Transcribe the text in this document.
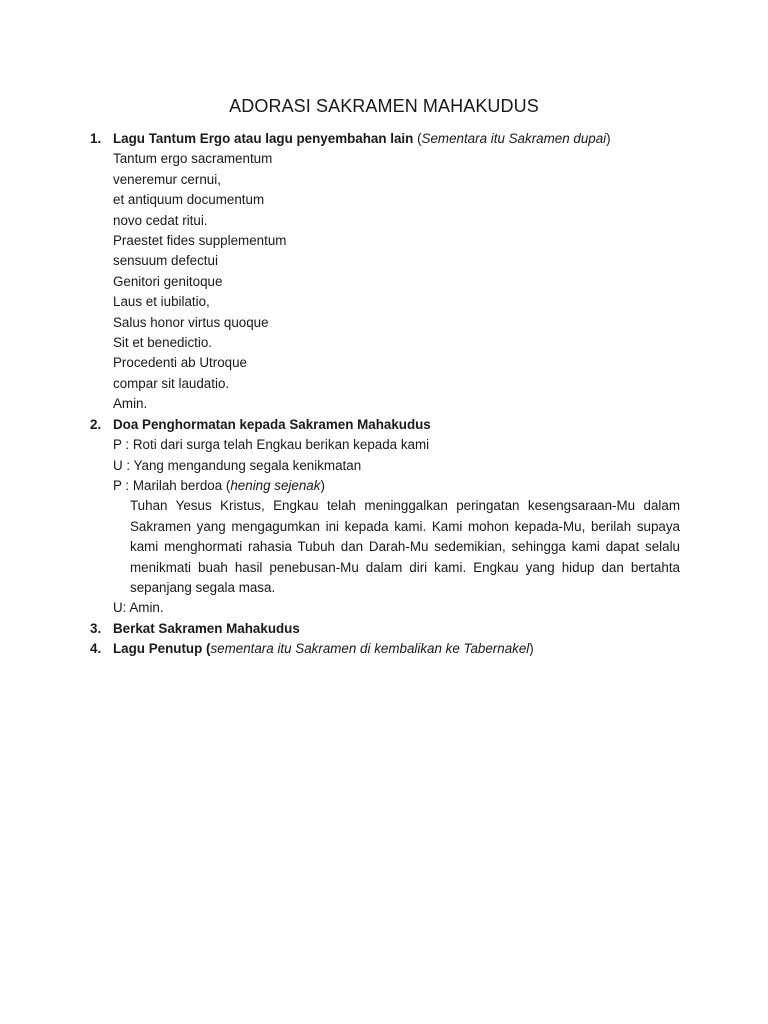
ADORASI SAKRAMEN MAHAKUDUS
1. Lagu Tantum Ergo atau lagu penyembahan lain (Sementara itu Sakramen dupai)
Tantum ergo sacramentum
veneremur cernui,
et antiquum documentum
novo cedat ritui.
Praestet fides supplementum
sensuum defectui
Genitori genitoque
Laus et iubilatio,
Salus honor virtus quoque
Sit et benedictio.
Procedenti ab Utroque
compar sit laudatio.
Amin.
2. Doa Penghormatan kepada Sakramen Mahakudus
P : Roti dari surga telah Engkau berikan kepada kami
U : Yang mengandung segala kenikmatan
P : Marilah berdoa (hening sejenak)
Tuhan Yesus Kristus, Engkau telah meninggalkan peringatan kesengsaraan-Mu dalam Sakramen yang mengagumkan ini kepada kami. Kami mohon kepada-Mu, berilah supaya kami menghormati rahasia Tubuh dan Darah-Mu sedemikian, sehingga kami dapat selalu menikmati buah hasil penebusan-Mu dalam diri kami. Engkau yang hidup dan bertahta sepanjang segala masa.
U: Amin.
3. Berkat Sakramen Mahakudus
4. Lagu Penutup (sementara itu Sakramen di kembalikan ke Tabernakel)
